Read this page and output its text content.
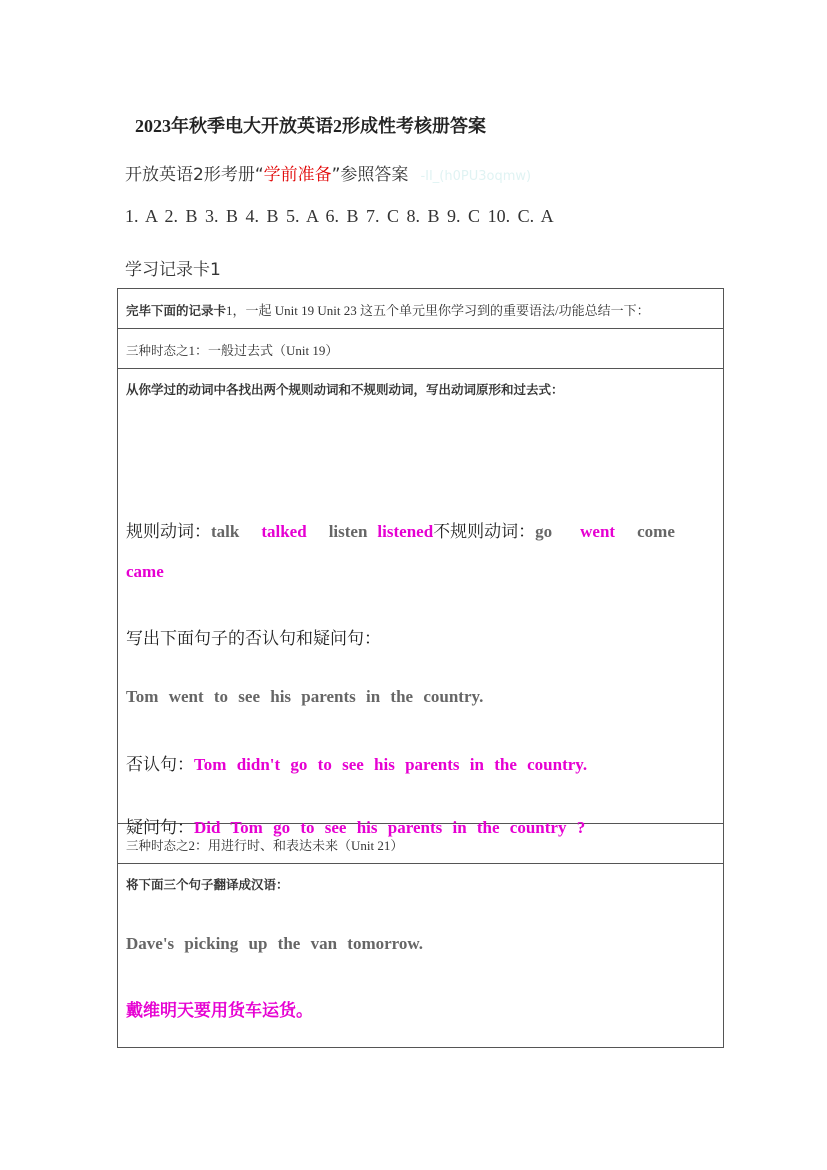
2023年秋季电大开放英语2形成性考核册答案
开放英语2形考册“学前准备”参照答案 -II_(h0PU3oqmw)
1. A 2. B 3. B 4. B 5. A 6. B 7. C 8. B 9. C 10. C. A
学习记录卡1
完毕下面的记录卡1，一起 Unit 19 Unit 23 这五个单元里你学习到的重要语法/功能总结一下：
三种时态之1：一般过去式（Unit 19）
从你学过的动词中各找出两个规则动词和不规则动词，写出动词原形和过去式：
规则动词：talk talked listen listened不规则动词：go went come
came
写出下面句子的否认句和疑问句：
Tom went to see his parents in the country.
否认句：Tom didn't go to see his parents in the country.
疑问句：Did Tom go to see his parents in the country ?
三种时态之2：用进行时、和表达未来（Unit 21）
将下面三个句子翻译成汉语：
Dave's picking up the van tomorrow.
戴维明天要用货车运货。
